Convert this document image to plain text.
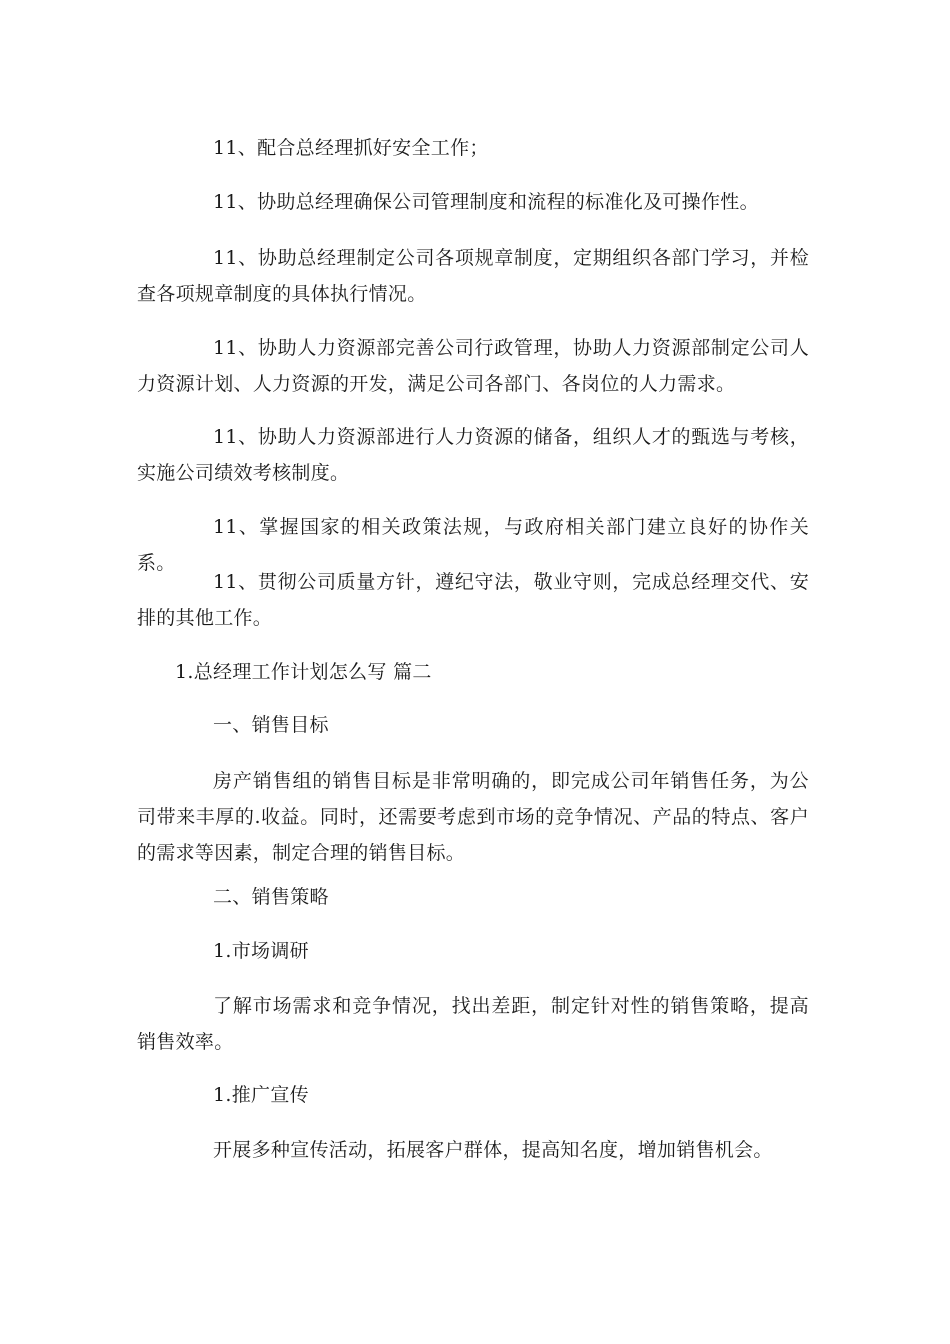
11、配合总经理抓好安全工作；

11、协助总经理确保公司管理制度和流程的标准化及可操作性。

11、协助总经理制定公司各项规章制度，定期组织各部门学习，并检查各项规章制度的具体执行情况。

11、协助人力资源部完善公司行政管理，协助人力资源部制定公司人力资源计划、人力资源的开发，满足公司各部门、各岗位的人力需求。

11、协助人力资源部进行人力资源的储备，组织人才的甄选与考核，实施公司绩效考核制度。

11、掌握国家的相关政策法规，与政府相关部门建立良好的协作关系。

11、贯彻公司质量方针，遵纪守法，敬业守则，完成总经理交代、安排的其他工作。

1.总经理工作计划怎么写 篇二

一、销售目标

房产销售组的销售目标是非常明确的，即完成公司年销售任务，为公司带来丰厚的.收益。同时，还需要考虑到市场的竞争情况、产品的特点、客户的需求等因素，制定合理的销售目标。

二、销售策略

1.市场调研

了解市场需求和竞争情况，找出差距，制定针对性的销售策略，提高销售效率。

1.推广宣传

开展多种宣传活动，拓展客户群体，提高知名度，增加销售机会。
